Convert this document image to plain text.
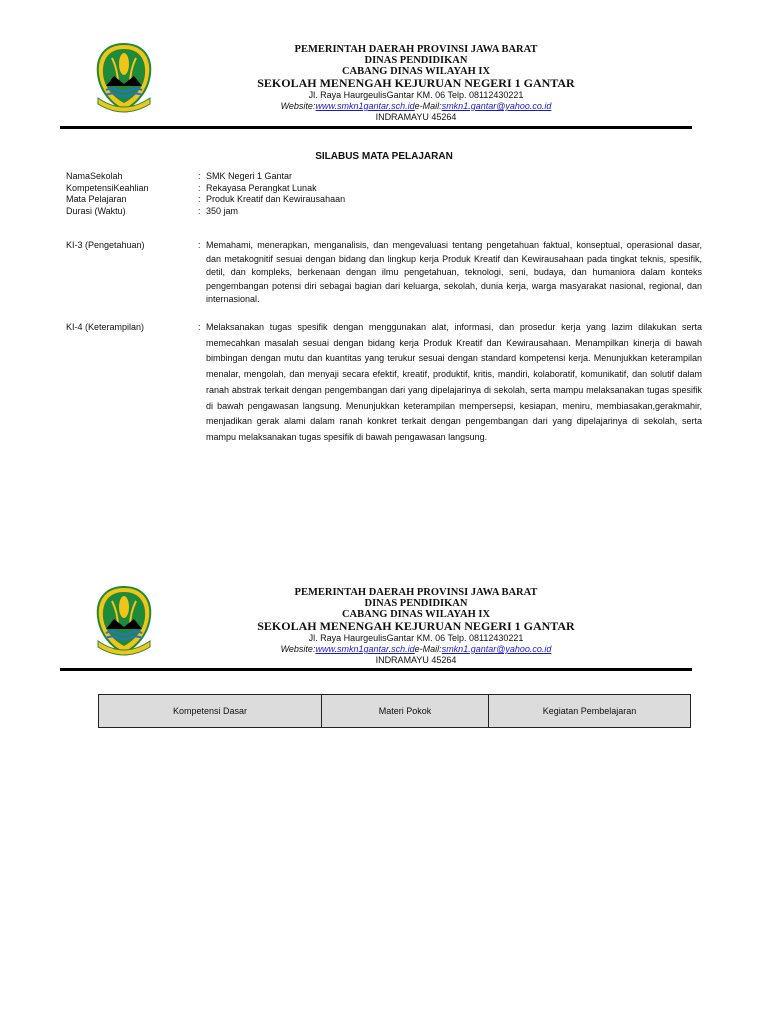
PEMERINTAH DAERAH PROVINSI JAWA BARAT
DINAS PENDIDIKAN
CABANG DINAS WILAYAH IX
SEKOLAH MENENGAH KEJURUAN NEGERI 1 GANTAR
Jl. Raya HaurgeulisGantar KM. 06 Telp. 08112430221
Website:www.smkn1gantar.sch.ide-Mail:smkn1.gantar@yahoo.co.id
INDRAMAYU 45264
SILABUS MATA PELAJARAN
NamaSekolah	: SMK Negeri 1 Gantar
KompetensiKeahlian	: Rekayasa Perangkat Lunak
Mata Pelajaran	: Produk Kreatif dan Kewirausahaan
Durasi (Waktu)	: 350 jam
KI-3 (Pengetahuan)	: Memahami, menerapkan, menganalisis, dan mengevaluasi tentang pengetahuan faktual, konseptual, operasional dasar, dan metakognitif sesuai dengan bidang dan lingkup kerja Produk Kreatif dan Kewirausahaan pada tingkat teknis, spesifik, detil, dan kompleks, berkenaan dengan ilmu pengetahuan, teknologi, seni, budaya, dan humaniora dalam konteks pengembangan potensi diri sebagai bagian dari keluarga, sekolah, dunia kerja, warga masyarakat nasional, regional, dan internasional.
KI-4 (Keterampilan)	: Melaksanakan tugas spesifik dengan menggunakan alat, informasi, dan prosedur kerja yang lazim dilakukan serta memecahkan masalah sesuai dengan bidang kerja Produk Kreatif dan Kewirausahaan. Menampilkan kinerja di bawah bimbingan dengan mutu dan kuantitas yang terukur sesuai dengan standard kompetensi kerja. Menunjukkan keterampilan menalar, mengolah, dan menyaji secara efektif, kreatif, produktif, kritis, mandiri, kolaboratif, komunikatif, dan solutif dalam ranah abstrak terkait dengan pengembangan dari yang dipelajarinya di sekolah, serta mampu melaksanakan tugas spesifik di bawah pengawasan langsung. Menunjukkan keterampilan mempersepsi, kesiapan, meniru, membiasakan,gerakmahir, menjadikan gerak alami dalam ranah konkret terkait dengan pengembangan dari yang dipelajarinya di sekolah, serta mampu melaksanakan tugas spesifik di bawah pengawasan langsung.
PEMERINTAH DAERAH PROVINSI JAWA BARAT
DINAS PENDIDIKAN
CABANG DINAS WILAYAH IX
SEKOLAH MENENGAH KEJURUAN NEGERI 1 GANTAR
Jl. Raya HaurgeulisGantar KM. 06 Telp. 08112430221
Website:www.smkn1gantar.sch.ide-Mail:smkn1.gantar@yahoo.co.id
INDRAMAYU 45264
Kompetensi Dasar	Materi Pokok	Kegiatan Pembelajaran
